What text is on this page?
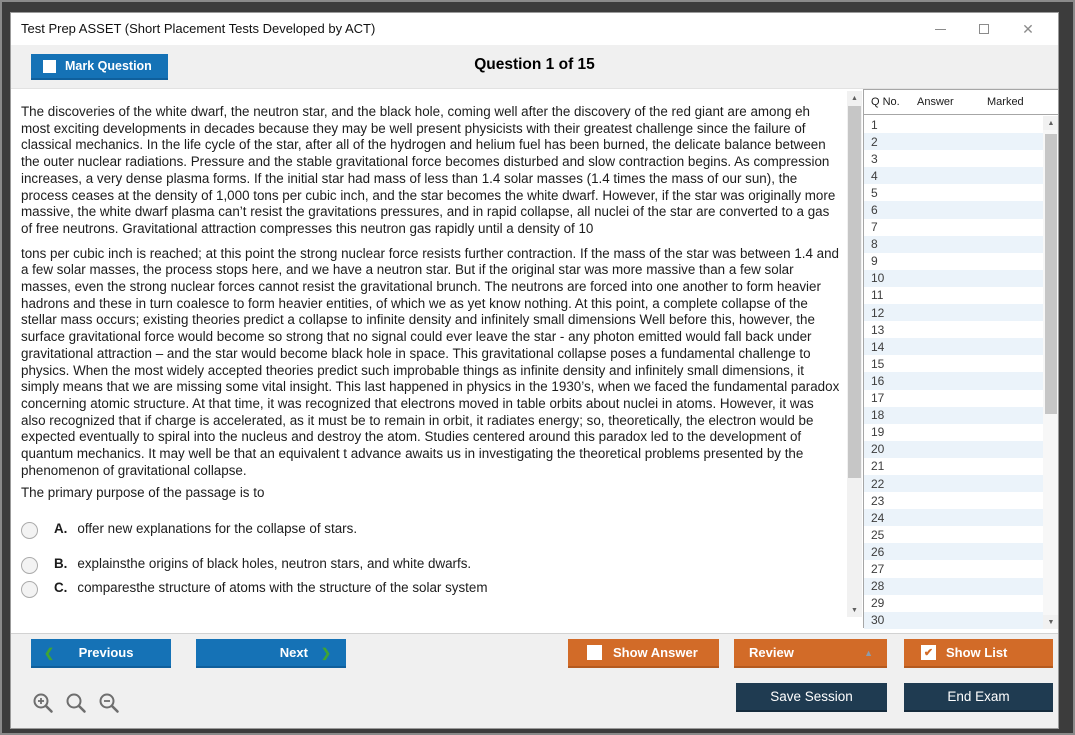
Test Prep ASSET (Short Placement Tests Developed by ACT)	✕
Mark Question	Question 1 of 15

The discoveries of the white dwarf, the neutron star, and the black hole, coming well after the discovery of the red giant are among eh most exciting developments in decades because they may be well present physicists with their greatest challenge since the failure of classical mechanics. In the life cycle of the star, after all of the hydrogen and helium fuel has been burned, the delicate balance between the outer nuclear radiations. Pressure and the stable gravitational force becomes disturbed and slow contraction begins. As compression increases, a very dense plasma forms. If the initial star had mass of less than 1.4 solar masses (1.4 times the mass of our sun), the process ceases at the density of 1,000 tons per cubic inch, and the star becomes the white dwarf. However, if the star was originally more massive, the white dwarf plasma can’t resist the gravitations pressures, and in rapid collapse, all nuclei of the star are converted to a gas of free neutrons. Gravitational attraction compresses this neutron gas rapidly until a density of 10

tons per cubic inch is reached; at this point the strong nuclear force resists further contraction. If the mass of the star was between 1.4 and a few solar masses, the process stops here, and we have a neutron star. But if the original star was more massive than a few solar masses, even the strong nuclear forces cannot resist the gravitational brunch. The neutrons are forced into one another to form heavier hadrons and these in turn coalesce to form heavier entities, of which we as yet know nothing. At this point, a complete collapse of the stellar mass occurs; existing theories predict a collapse to infinite density and infinitely small dimensions Well before this, however, the surface gravitational force would become so strong that no signal could ever leave the star - any photon emitted would fall back under gravitational attraction – and the star would become black hole in space. This gravitational collapse poses a fundamental challenge to physics. When the most widely accepted theories predict such improbable things as infinite density and infinitely small dimensions, it simply means that we are missing some vital insight. This last happened in physics in the 1930’s, when we faced the fundamental paradox concerning atomic structure. At that time, it was recognized that electrons moved in table orbits about nuclei in atoms. However, it was also recognized that if charge is accelerated, as it must be to remain in orbit, it radiates energy; so, theoretically, the electron would be expected eventually to spiral into the nucleus and destroy the atom. Studies centered around this paradox led to the development of quantum mechanics. It may well be that an equivalent t advance awaits us in investigating the theoretical problems presented by the phenomenon of gravitational collapse.

The primary purpose of the passage is to

A. offer new explanations for the collapse of stars.
B. explainsthe origins of black holes, neutron stars, and white dwarfs.
C. comparesthe structure of atoms with the structure of the solar system
▲
▼
Q No.	Answer	Marked
1
2
3
4
5
6
7
8
9
10
11
12
13
14
15
16
17
18
19
20
21
22
23
24
25
26
27
28
29
30
▲
▼
❮	Previous	Next ❯	Show Answer	Review	▲	✔ Show List
Save Session	End Exam
